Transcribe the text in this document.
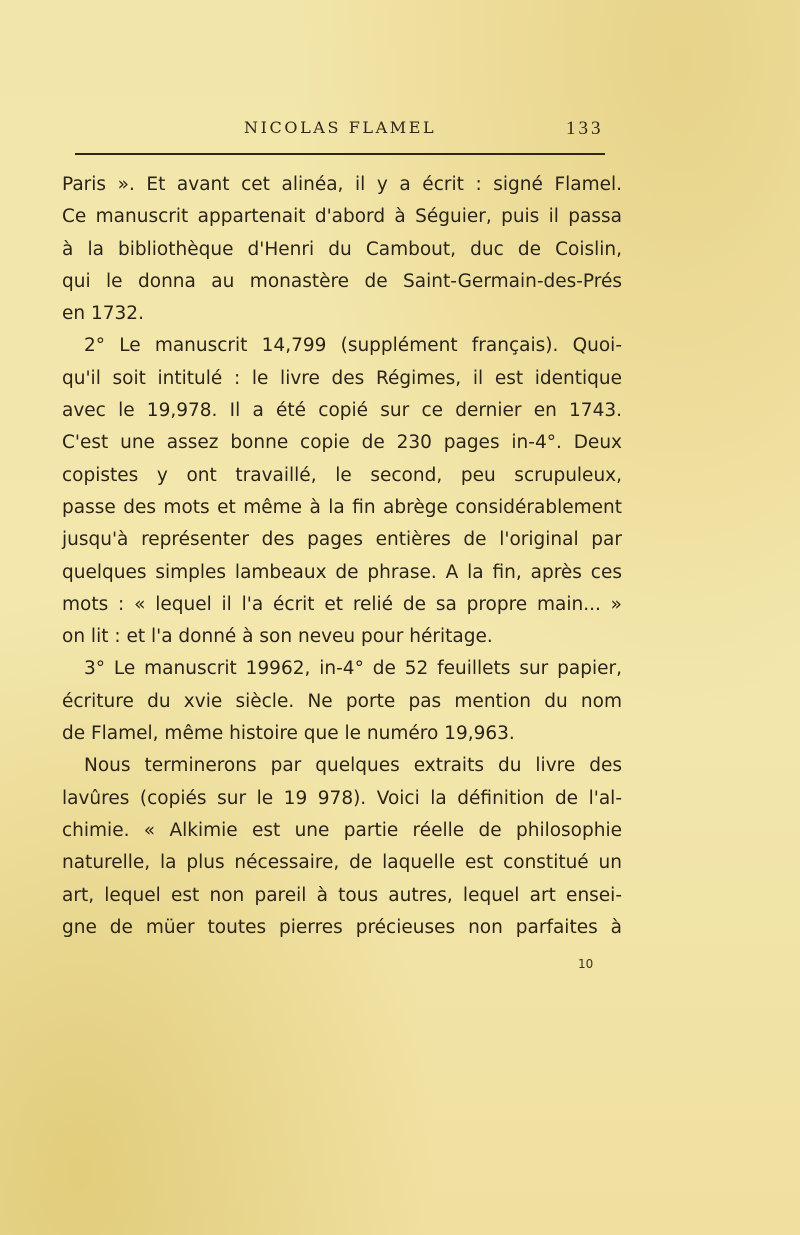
NICOLAS FLAMEL	133
Paris ». Et avant cet alinéa, il y a écrit : signé Flamel.
Ce manuscrit appartenait d'abord à Séguier, puis il passa
à la bibliothèque d'Henri du Cambout, duc de Coislin,
qui le donna au monastère de Saint-Germain-des-Prés
en 1732.
2° Le manuscrit 14,799 (supplément français). Quoi-
qu'il soit intitulé : le livre des Régimes, il est identique
avec le 19,978. Il a été copié sur ce dernier en 1743.
C'est une assez bonne copie de 230 pages in-4°. Deux
copistes y ont travaillé, le second, peu scrupuleux,
passe des mots et même à la fin abrège considérablement
jusqu'à représenter des pages entières de l'original par
quelques simples lambeaux de phrase. A la fin, après ces
mots : « lequel il l'a écrit et relié de sa propre main... »
on lit : et l'a donné à son neveu pour héritage.
3° Le manuscrit 19962, in-4° de 52 feuillets sur papier,
écriture du xvie siècle. Ne porte pas mention du nom
de Flamel, même histoire que le numéro 19,963.
Nous terminerons par quelques extraits du livre des
lavûres (copiés sur le 19 978). Voici la définition de l'al-
chimie. « Alkimie est une partie réelle de philosophie
naturelle, la plus nécessaire, de laquelle est constitué un
art, lequel est non pareil à tous autres, lequel art ensei-
gne de müer toutes pierres précieuses non parfaites à
10
